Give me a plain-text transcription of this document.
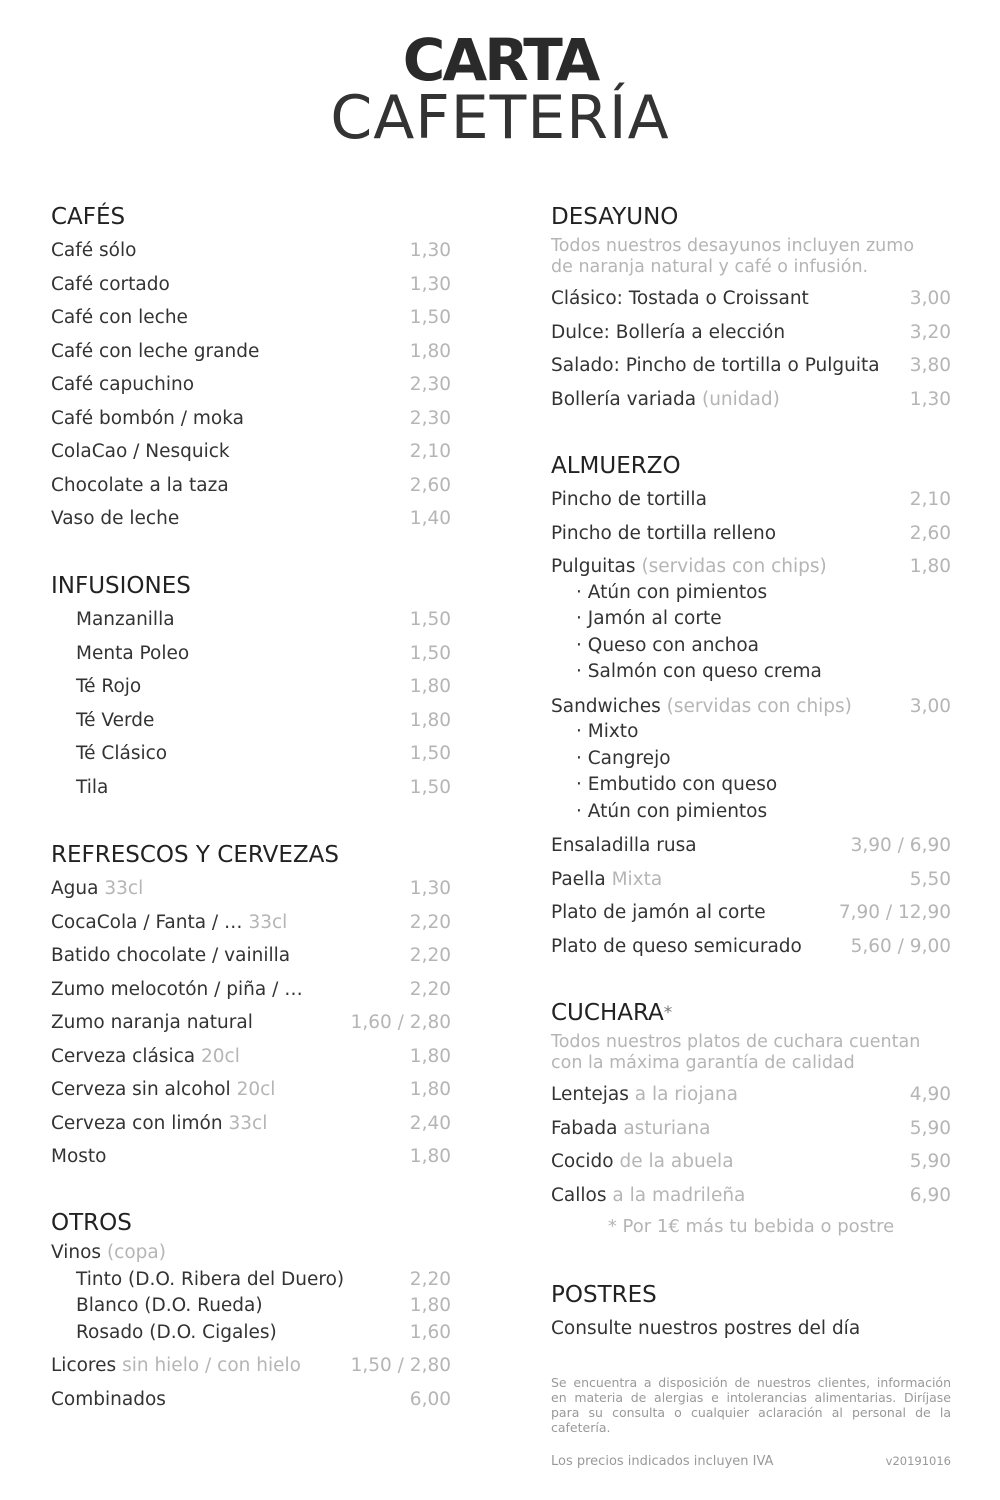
CARTA
CAFETERÍA
CAFÉS
Café sólo	1,30
Café cortado	1,30
Café con leche	1,50
Café con leche grande	1,80
Café capuchino	2,30
Café bombón / moka	2,30
ColaCao / Nesquick	2,10
Chocolate a la taza	2,60
Vaso de leche	1,40
INFUSIONES
Manzanilla	1,50
Menta Poleo	1,50
Té Rojo	1,80
Té Verde	1,80
Té Clásico	1,50
Tila	1,50
REFRESCOS Y CERVEZAS
Agua 33cl	1,30
CocaCola / Fanta / … 33cl	2,20
Batido chocolate / vainilla	2,20
Zumo melocotón / piña / …	2,20
Zumo naranja natural	1,60 / 2,80
Cerveza clásica 20cl	1,80
Cerveza sin alcohol 20cl	1,80
Cerveza con limón 33cl	2,40
Mosto	1,80
OTROS
Vinos (copa)
Tinto (D.O. Ribera del Duero)	2,20
Blanco (D.O. Rueda)	1,80
Rosado (D.O. Cigales)	1,60
Licores sin hielo / con hielo	1,50 / 2,80
Combinados	6,00
DESAYUNO
Todos nuestros desayunos incluyen zumo
de naranja natural y café o infusión.
Clásico: Tostada o Croissant	3,00
Dulce: Bollería a elección	3,20
Salado: Pincho de tortilla o Pulguita 3,80
Bollería variada (unidad)	1,30
ALMUERZO
Pincho de tortilla	2,10
Pincho de tortilla relleno	2,60
Pulguitas (servidas con chips)	1,80
· Atún con pimientos
· Jamón al corte
· Queso con anchoa
· Salmón con queso crema
Sandwiches (servidas con chips)	3,00
· Mixto
· Cangrejo
· Embutido con queso
· Atún con pimientos
Ensaladilla rusa	3,90 / 6,90
Paella Mixta	5,50
Plato de jamón al corte	7,90 / 12,90
Plato de queso semicurado	5,60 / 9,00
CUCHARA*
Todos nuestros platos de cuchara cuentan
con la máxima garantía de calidad
Lentejas a la riojana	4,90
Fabada asturiana	5,90
Cocido de la abuela	5,90
Callos a la madrileña	6,90
* Por 1€ más tu bebida o postre
POSTRES
Consulte nuestros postres del día
Se encuentra a disposición de nuestros clientes, información en materia de alergias e intolerancias alimentarias. Diríjase para su consulta o cualquier aclaración al personal de la cafetería.
Los precios indicados incluyen IVA	v20191016
